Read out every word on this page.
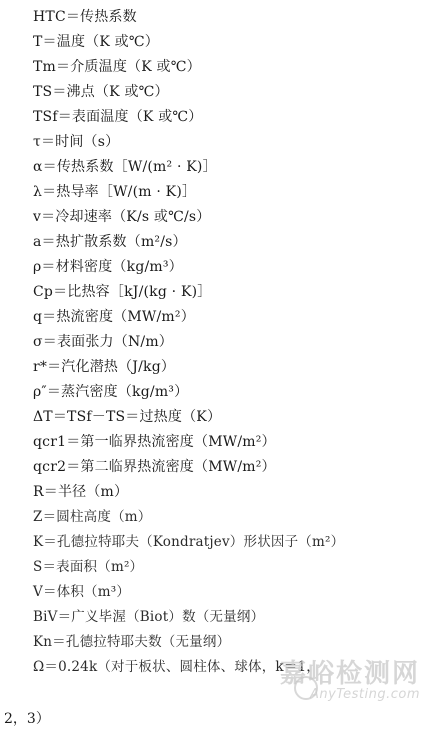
HTC＝传热系数
T＝温度（K 或℃）
Tm＝介质温度（K 或℃）
TS＝沸点（K 或℃）
TSf＝表面温度（K 或℃）
τ＝时间（s）
α＝传热系数［W/(m² · K)］
λ＝热导率［W/(m · K)］
v＝冷却速率（K/s 或℃/s）
a＝热扩散系数（m²/s）
ρ＝材料密度（kg/m³）
Cp＝比热容［kJ/(kg · K)］
q＝热流密度（MW/m²）
σ＝表面张力（N/m）
r*＝汽化潜热（J/kg）
ρ″＝蒸汽密度（kg/m³）
ΔT＝TSf－TS＝过热度（K）
qcr1＝第一临界热流密度（MW/m²）
qcr2＝第二临界热流密度（MW/m²）
R＝半径（m）
Z＝圆柱高度（m）
K＝孔德拉特耶夫（Kondratjev）形状因子（m²）
S＝表面积（m²）
V＝体积（m³）
BiV＝广义毕渥（Biot）数（无量纲）
Kn＝孔德拉特耶夫数（无量纲）
Ω＝0.24k（对于板状、圆柱体、球体，k＝1，
2，3）
嘉峪检测网
AnyTesting.com
